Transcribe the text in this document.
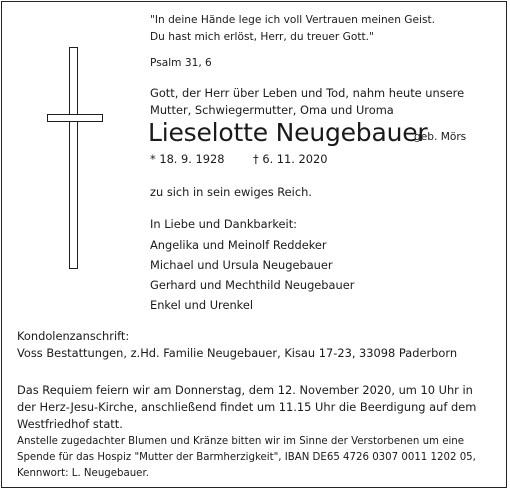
"In deine Hände lege ich voll Vertrauen meinen Geist.
Du hast mich erlöst, Herr, du treuer Gott."
Psalm 31, 6
Gott, der Herr über Leben und Tod, nahm heute unsere
Mutter, Schwiegermutter, Oma und Uroma
Lieselotte Neugebauer
geb. Mörs
* 18. 9. 1928 † 6. 11. 2020
zu sich in sein ewiges Reich.
In Liebe und Dankbarkeit:
Angelika und Meinolf Reddeker
Michael und Ursula Neugebauer
Gerhard und Mechthild Neugebauer
Enkel und Urenkel
Kondolenzanschrift:
Voss Bestattungen, z.Hd. Familie Neugebauer, Kisau 17-23, 33098 Paderborn
Das Requiem feiern wir am Donnerstag, dem 12. November 2020, um 10 Uhr in
der Herz-Jesu-Kirche, anschließend findet um 11.15 Uhr die Beerdigung auf dem
Westfriedhof statt.
Anstelle zugedachter Blumen und Kränze bitten wir im Sinne der Verstorbenen um eine
Spende für das Hospiz "Mutter der Barmherzigkeit", IBAN DE65 4726 0307 0011 1202 05,
Kennwort: L. Neugebauer.
